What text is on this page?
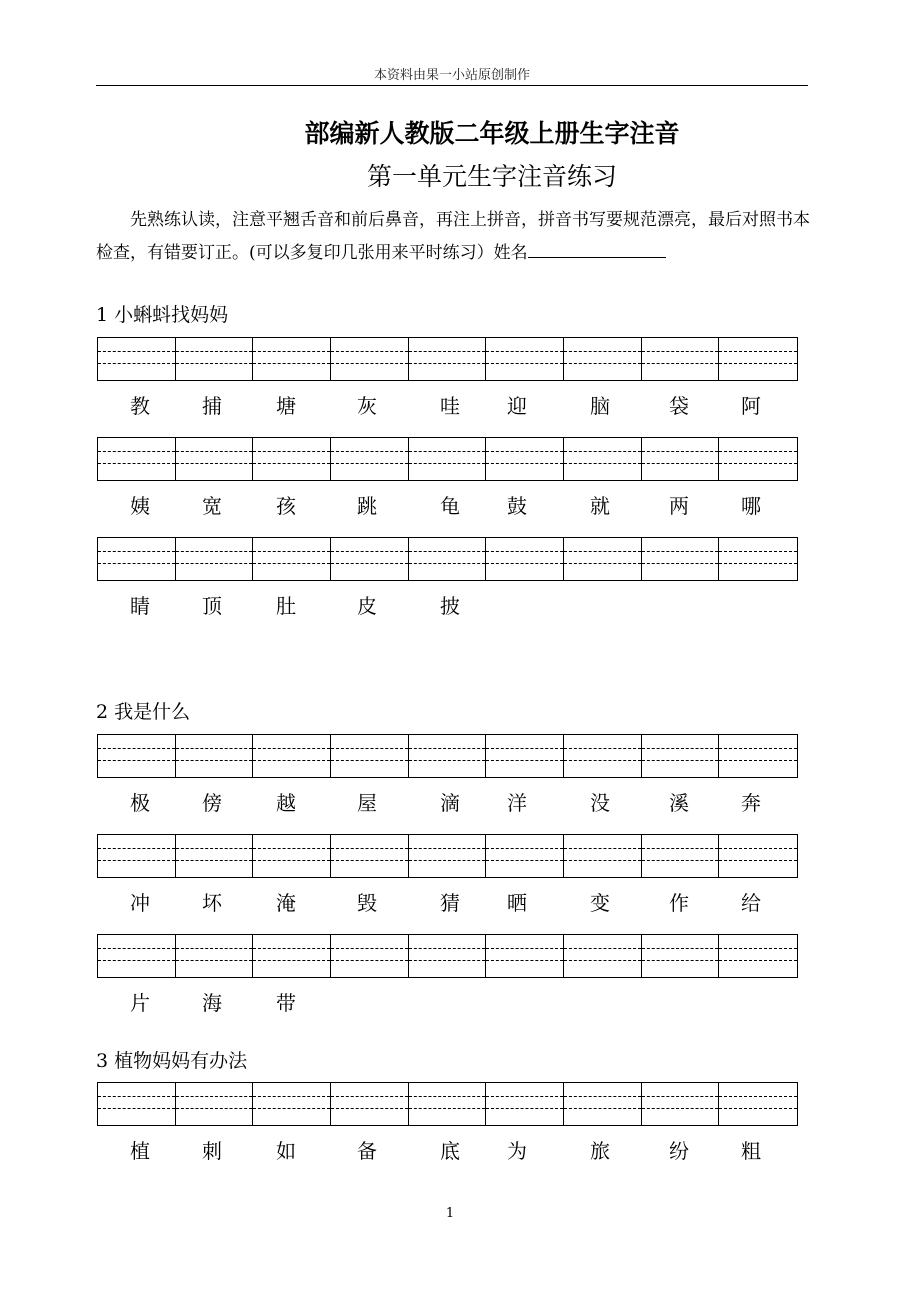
本资料由果一小站原创制作
部编新人教版二年级上册生字注音
第一单元生字注音练习
先熟练认读，注意平翘舌音和前后鼻音，再注上拼音，拼音书写要规范漂亮，最后对照书本检查，有错要订正。(可以多复印几张用来平时练习）姓名
1 小蝌蚪找妈妈
教	捕	塘	灰	哇	迎	脑	袋	阿
姨	宽	孩	跳	龟	鼓	就	两	哪
睛	顶	肚	皮	披
2 我是什么
极	傍	越	屋	滴	洋	没	溪	奔
冲	坏	淹	毁	猜	晒	变	作	给
片	海	带
3 植物妈妈有办法
植	刺	如	备	底	为	旅	纷	粗
1
